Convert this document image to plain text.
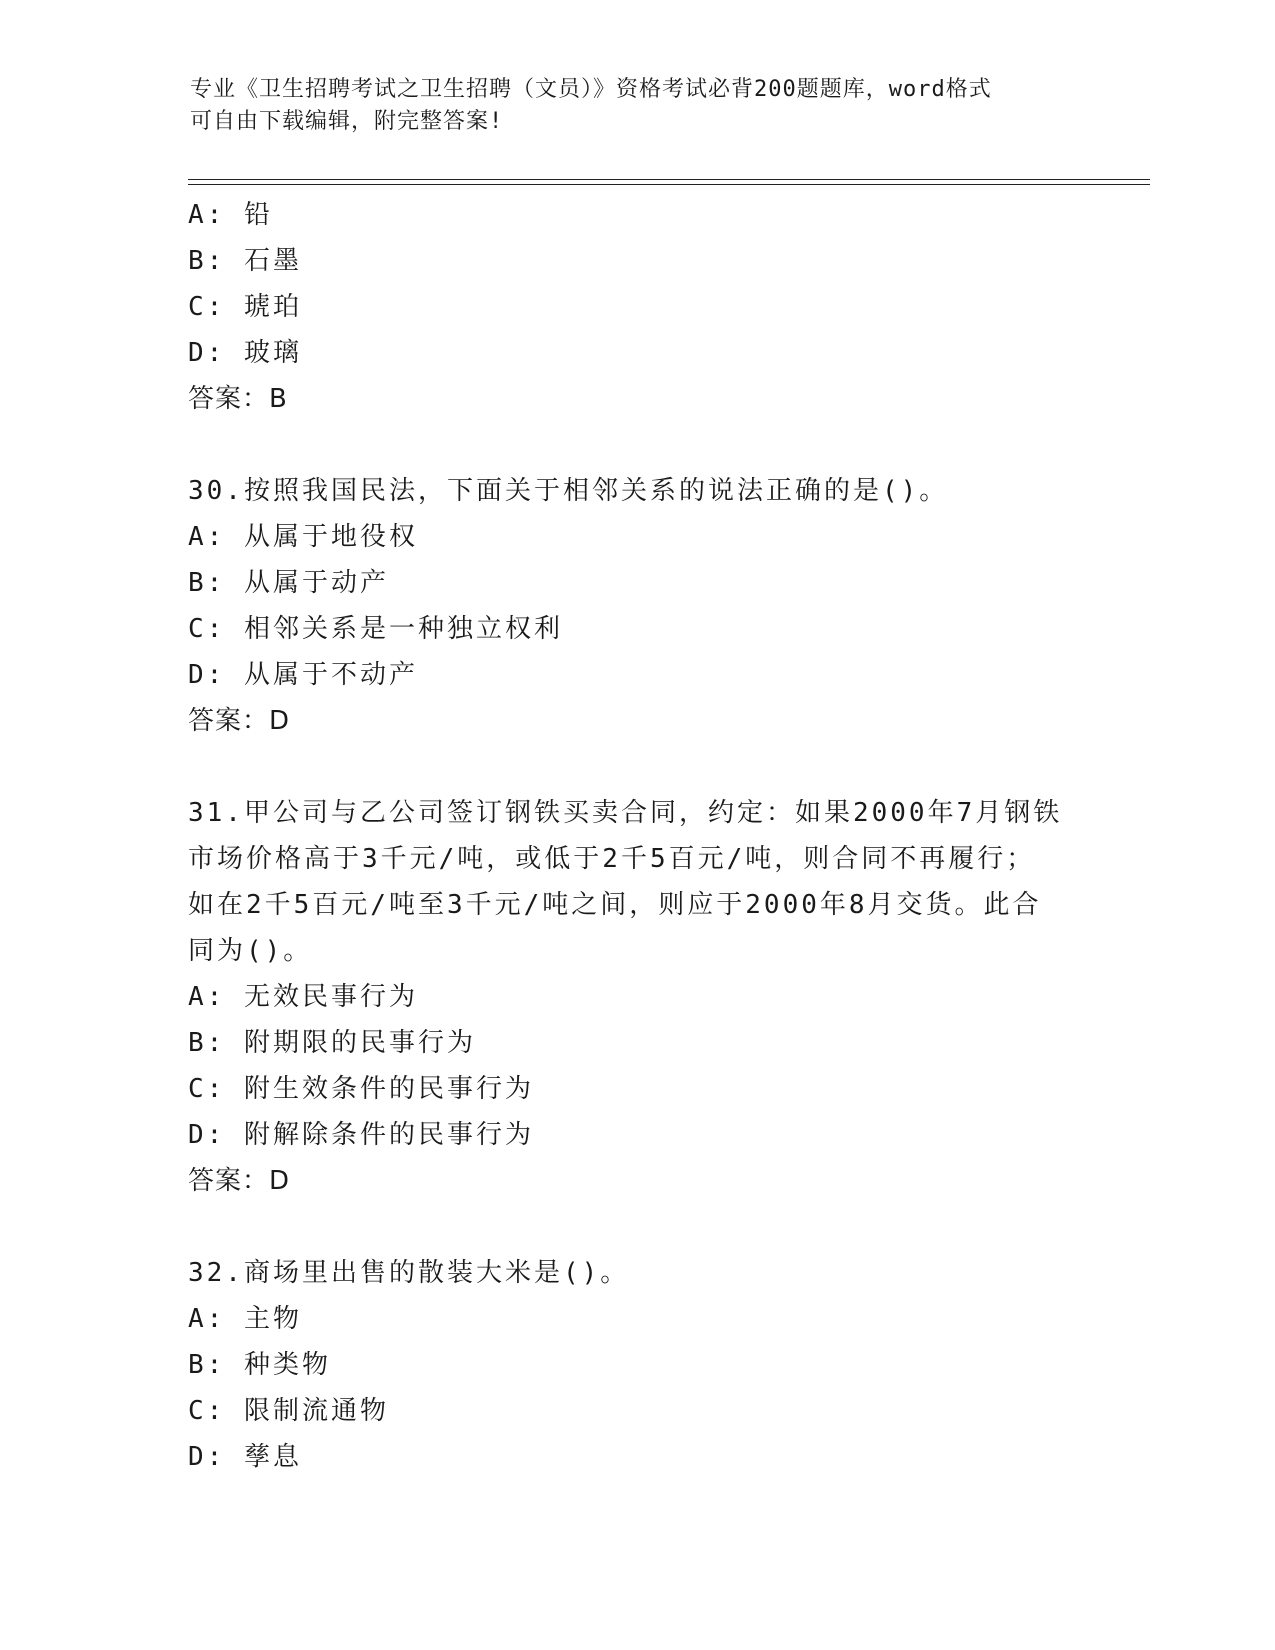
专业《卫生招聘考试之卫生招聘（文员）》资格考试必背200题题库，word格式
可自由下载编辑，附完整答案!
A: 铅
B: 石墨
C: 琥珀
D: 玻璃
答案：B
30.按照我国民法，下面关于相邻关系的说法正确的是()。
A: 从属于地役权
B: 从属于动产
C: 相邻关系是一种独立权利
D: 从属于不动产
答案：D
31.甲公司与乙公司签订钢铁买卖合同，约定：如果2000年7月钢铁
市场价格高于3千元/吨，或低于2千5百元/吨，则合同不再履行；
如在2千5百元/吨至3千元/吨之间，则应于2000年8月交货。此合
同为()。
A: 无效民事行为
B: 附期限的民事行为
C: 附生效条件的民事行为
D: 附解除条件的民事行为
答案：D
32.商场里出售的散装大米是()。
A: 主物
B: 种类物
C: 限制流通物
D: 孳息
